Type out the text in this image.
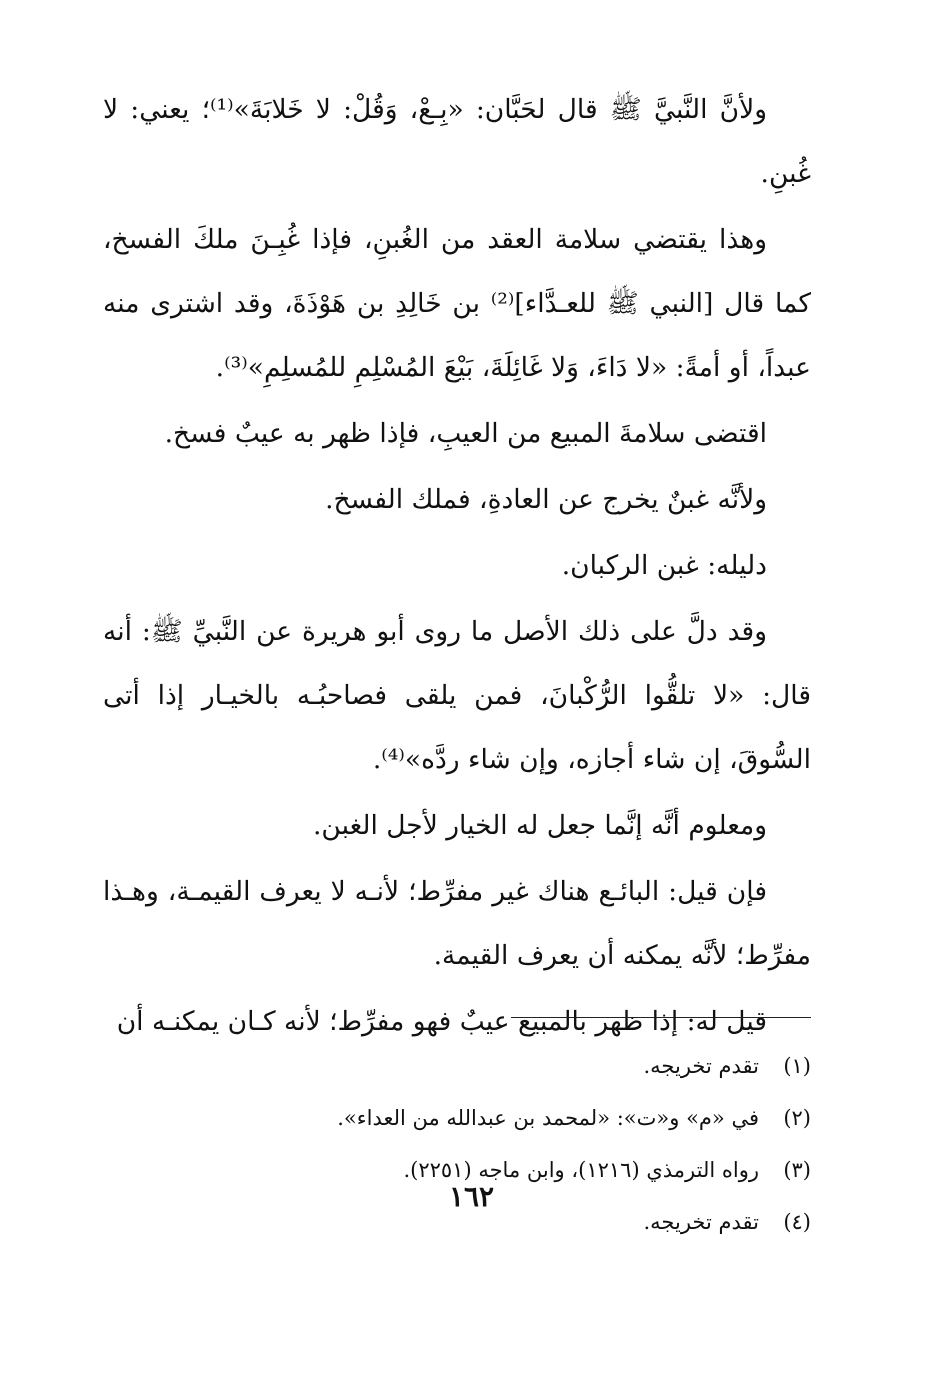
ولأنَّ النَّبيَّ ﷺ قال لحَبَّان: «بِـعْ، وَقُلْ: لا خَلابَةَ»⁽¹⁾؛ يعني: لا غُبنِ.

وهذا يقتضي سلامة العقد من الغُبنِ، فإذا غُبِـنَ ملكَ الفسخ، كما قال [النبي ﷺ للعـدَّاء]⁽²⁾ بن خَالِدِ بن هَوْذَةَ، وقد اشترى منه عبداً، أو أمةً: «لا دَاءَ، وَلا غَائِلَةَ، بَيْعَ المُسْلِمِ للمُسلِمِ»⁽³⁾.

اقتضى سلامةَ المبيع من العيبِ، فإذا ظهر به عيبٌ فسخ.

ولأنَّه غبنٌ يخرج عن العادةِ، فملك الفسخ.

دليله: غبن الركبان.

وقد دلَّ على ذلك الأصل ما روى أبو هريرة عن النَّبيِّ ﷺ: أنه قال: «لا تلقُّوا الرُّكْبانَ، فمن يلقى فصاحبُـه بالخيـار إذا أتى السُّوقَ، إن شاء أجازه، وإن شاء ردَّه»⁽⁴⁾.

ومعلوم أنَّه إنَّما جعل له الخيار لأجل الغبن.

فإن قيل: البائـع هناك غير مفرِّط؛ لأنـه لا يعرف القيمـة، وهـذا مفرِّط؛ لأنَّه يمكنه أن يعرف القيمة.

قيل له: إذا ظهر بالمبيع عيبٌ فهو مفرِّط؛ لأنه كـان يمكنـه أن

(١)
تقدم تخريجه.
(٢)
في «م» و«ت»: «لمحمد بن عبدالله من العداء».
(٣)
رواه الترمذي (١٢١٦)، وابن ماجه (٢٢٥١).
(٤)
تقدم تخريجه.
١٦٢
